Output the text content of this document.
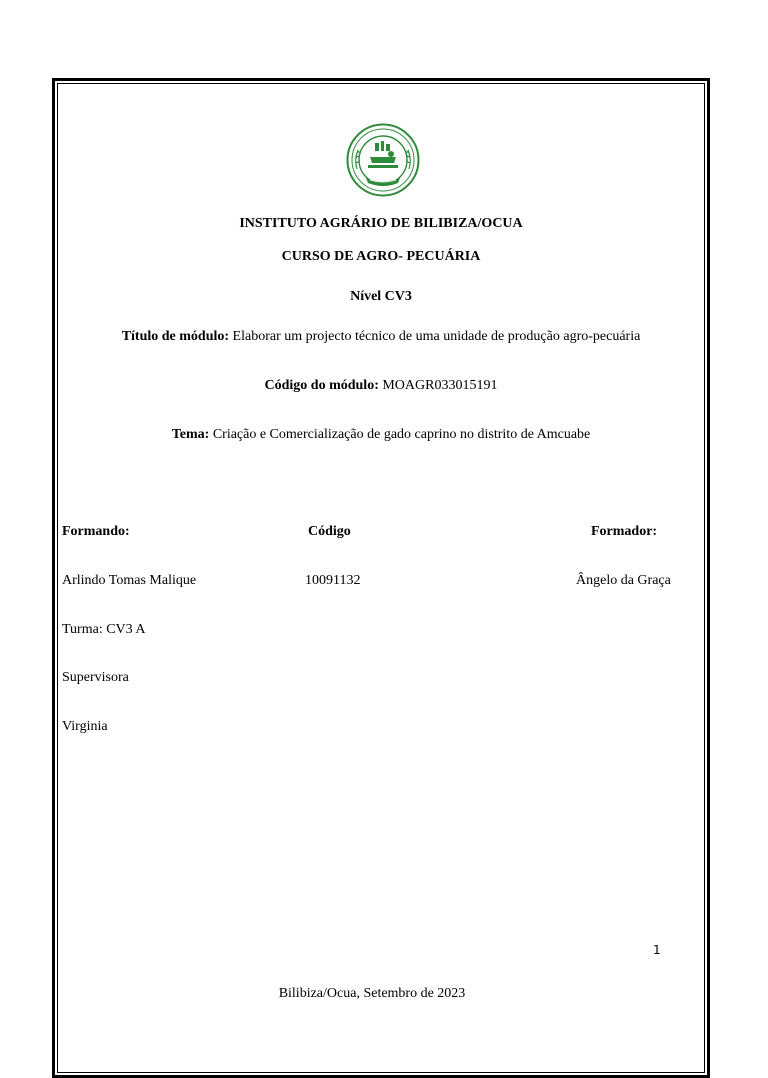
INSTITUTO AGRÁRIO DE BILIBIZA/OCUA
CURSO DE AGRO- PECUÁRIA
Nível CV3
Título de módulo: Elaborar um projecto técnico de uma unidade de produção agro-pecuária
Código do módulo: MOAGR033015191
Tema: Criação e Comercialização de gado caprino no distrito de Amcuabe
Formando:	Código	Formador:
Arlindo Tomas Malique	10091132	Ângelo da Graça
Turma: CV3 A
Supervisora
Virginia
1
Bilibiza/Ocua, Setembro de 2023
